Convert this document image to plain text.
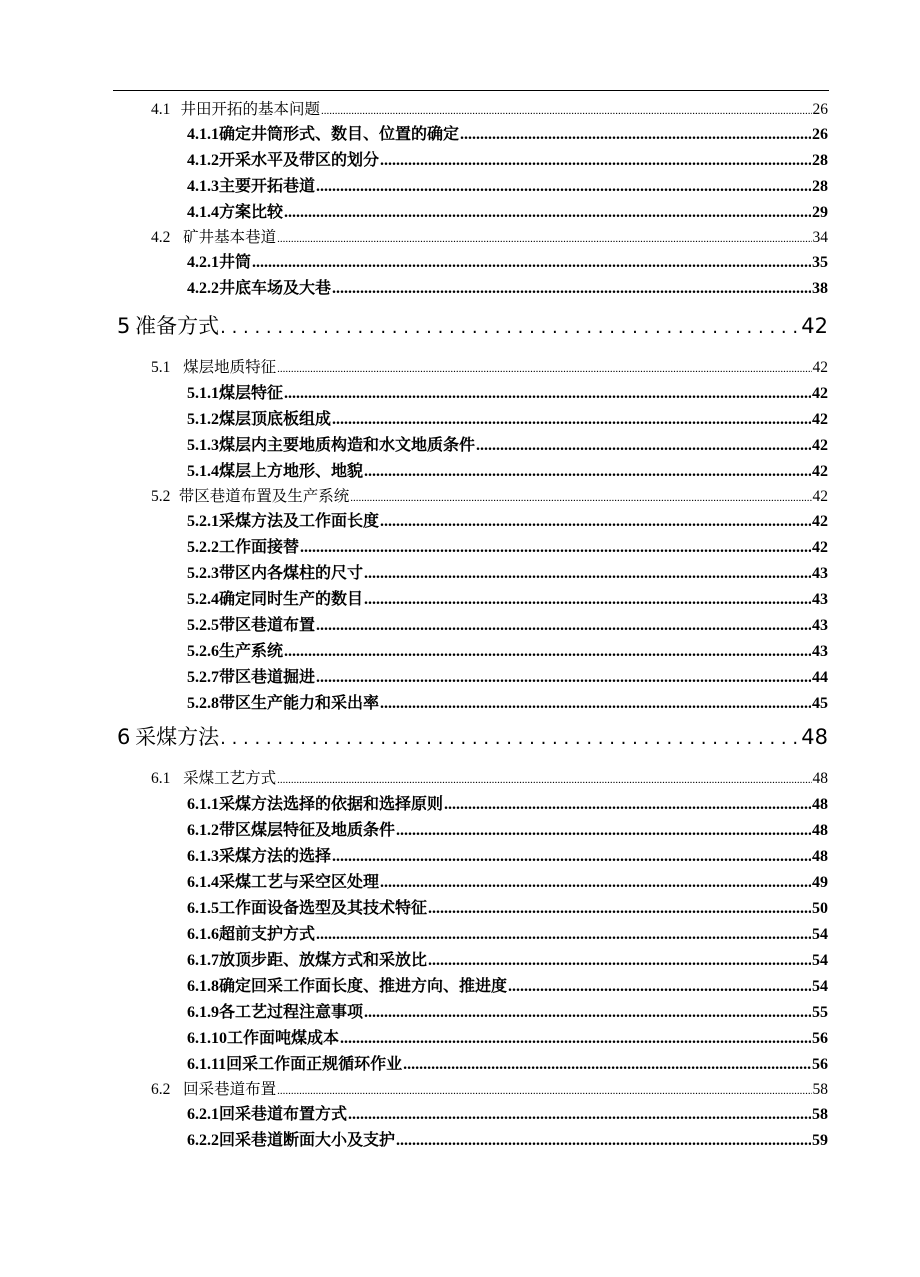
4.1 井田开拓的基本问题 .....	26
4.1.1 确定井筒形式、数目、位置的确定 .....	26
4.1.2 开采水平及带区的划分 .....	28
4.1.3 主要开拓巷道 .....	28
4.1.4 方案比较 .....	29
4.2 矿井基本巷道 .....	34
4.2.1 井筒 .....	35
4.2.2 井底车场及大巷 .....	38
5 准备方式 . . .	42
5.1 煤层地质特征 .....	42
5.1.1 煤层特征 .....	42
5.1.2 煤层顶底板组成 .....	42
5.1.3 煤层内主要地质构造和水文地质条件 .....	42
5.1.4 煤层上方地形、地貌 .....	42
5.2 带区巷道布置及生产系统 .....	42
5.2.1 采煤方法及工作面长度 .....	42
5.2.2 工作面接替 .....	42
5.2.3 带区内各煤柱的尺寸 .....	43
5.2.4 确定同时生产的数目 .....	43
5.2.5 带区巷道布置 .....	43
5.2.6 生产系统 .....	43
5.2.7 带区巷道掘进 .....	44
5.2.8 带区生产能力和采出率 .....	45
6 采煤方法 . . .	48
6.1 采煤工艺方式 .....	48
6.1.1 采煤方法选择的依据和选择原则 .....	48
6.1.2 带区煤层特征及地质条件 .....	48
6.1.3 采煤方法的选择 .....	48
6.1.4 采煤工艺与采空区处理 .....	49
6.1.5 工作面设备选型及其技术特征 .....	50
6.1.6 超前支护方式 .....	54
6.1.7 放顶步距、放煤方式和采放比 .....	54
6.1.8 确定回采工作面长度、推进方向、推进度 .....	54
6.1.9 各工艺过程注意事项 .....	55
6.1.10 工作面吨煤成本 .....	56
6.1.11 回采工作面正规循环作业 .....	56
6.2 回采巷道布置 .....	58
6.2.1 回采巷道布置方式 .....	58
6.2.2 回采巷道断面大小及支护 .....	59
